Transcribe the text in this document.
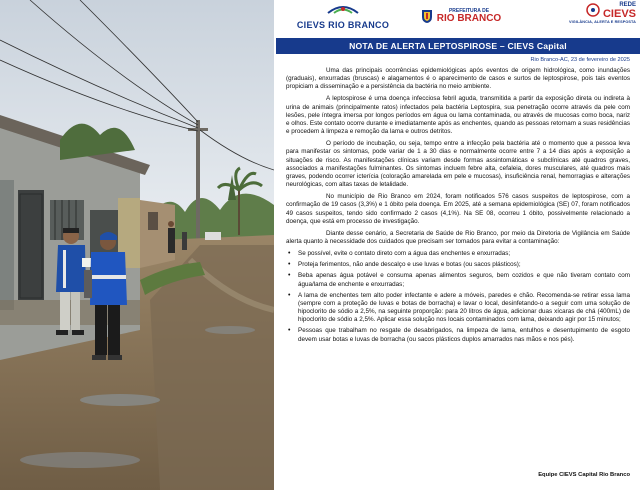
CIEVS RIO BRANCO
PREFEITURA DE
RIO BRANCO
REDE
CIEVS
VIGILÂNCIA, ALERTA E RESPOSTA
NOTA DE ALERTA LEPTOSPIROSE – CIEVS Capital
Rio Branco-AC, 23 de fevereiro de 2025

Uma das principais ocorrências epidemiológicas após eventos de origem hidrológica, como inundações (graduais), enxurradas (bruscas) e alagamentos é o aparecimento de casos e surtos de leptospirose, pois tais eventos propiciam a disseminação e a persistência da bactéria no meio ambiente.

A leptospirose é uma doença infecciosa febril aguda, transmitida a partir da exposição direta ou indireta à urina de animais (principalmente ratos) infectados pela bactéria Leptospira, sua penetração ocorre através da pele com lesões, pele íntegra imersa por longos períodos em água ou lama contaminada, ou através de mucosas como boca, nariz e olhos. Este contato ocorre durante e imediatamente após as enchentes, quando as pessoas retornam a suas residências e procedem à limpeza e remoção da lama e outros detritos.

O período de incubação, ou seja, tempo entre a infecção pela bactéria até o momento que a pessoa leva para manifestar os sintomas, pode variar de 1 a 30 dias e normalmente ocorre entre 7 a 14 dias após a exposição a situações de risco. As manifestações clínicas variam desde formas assintomáticas e subclínicas até quadros graves, associados a manifestações fulminantes. Os sintomas incluem febre alta, cefaleia, dores musculares, até quadros mais graves, podendo ocorrer icterícia (coloração amarelada em pele e mucosas), insuficiência renal, hemorragias e alterações neurológicas, com altas taxas de letalidade.

No município de Rio Branco em 2024, foram notificados 576 casos suspeitos de leptospirose, com a confirmação de 19 casos (3,3%) e 1 óbito pela doença. Em 2025, até a semana epidemiológica (SE) 07, foram notificados 49 casos suspeitos, tendo sido confirmado 2 casos (4,1%). Na SE 08, ocorreu 1 óbito, possivelmente relacionado a doença, que está em processo de investigação.

Diante desse cenário, a Secretaria de Saúde de Rio Branco, por meio da Diretoria de Vigilância em Saúde alerta quanto à necessidade dos cuidados que precisam ser tomados para evitar a contaminação:

• Se possível, evite o contato direto com a água das enchentes e enxurradas;
• Proteja ferimentos, não ande descalço e use luvas e botas (ou sacos plásticos);
• Beba apenas água potável e consuma apenas alimentos seguros, bem cozidos e que não tiveram contato com água/lama de enchente e enxurradas;
• A lama de enchentes tem alto poder infectante e adere a móveis, paredes e chão. Recomenda-se retirar essa lama (sempre com a proteção de luvas e botas de borracha) e lavar o local, desinfetando-o a seguir com uma solução de hipoclorito de sódio a 2,5%, na seguinte proporção: para 20 litros de água, adicionar duas xícaras de chá (400mL) de hipoclorito de sódio a 2,5%. Aplicar essa solução nos locais contaminados com lama, deixando agir por 15 minutos;
• Pessoas que trabalham no resgate de desabrigados, na limpeza de lama, entulhos e desentupimento de esgoto devem usar botas e luvas de borracha (ou sacos plásticos duplos amarrados nas mãos e nos pés).
Equipe CIEVS Capital Rio Branco
